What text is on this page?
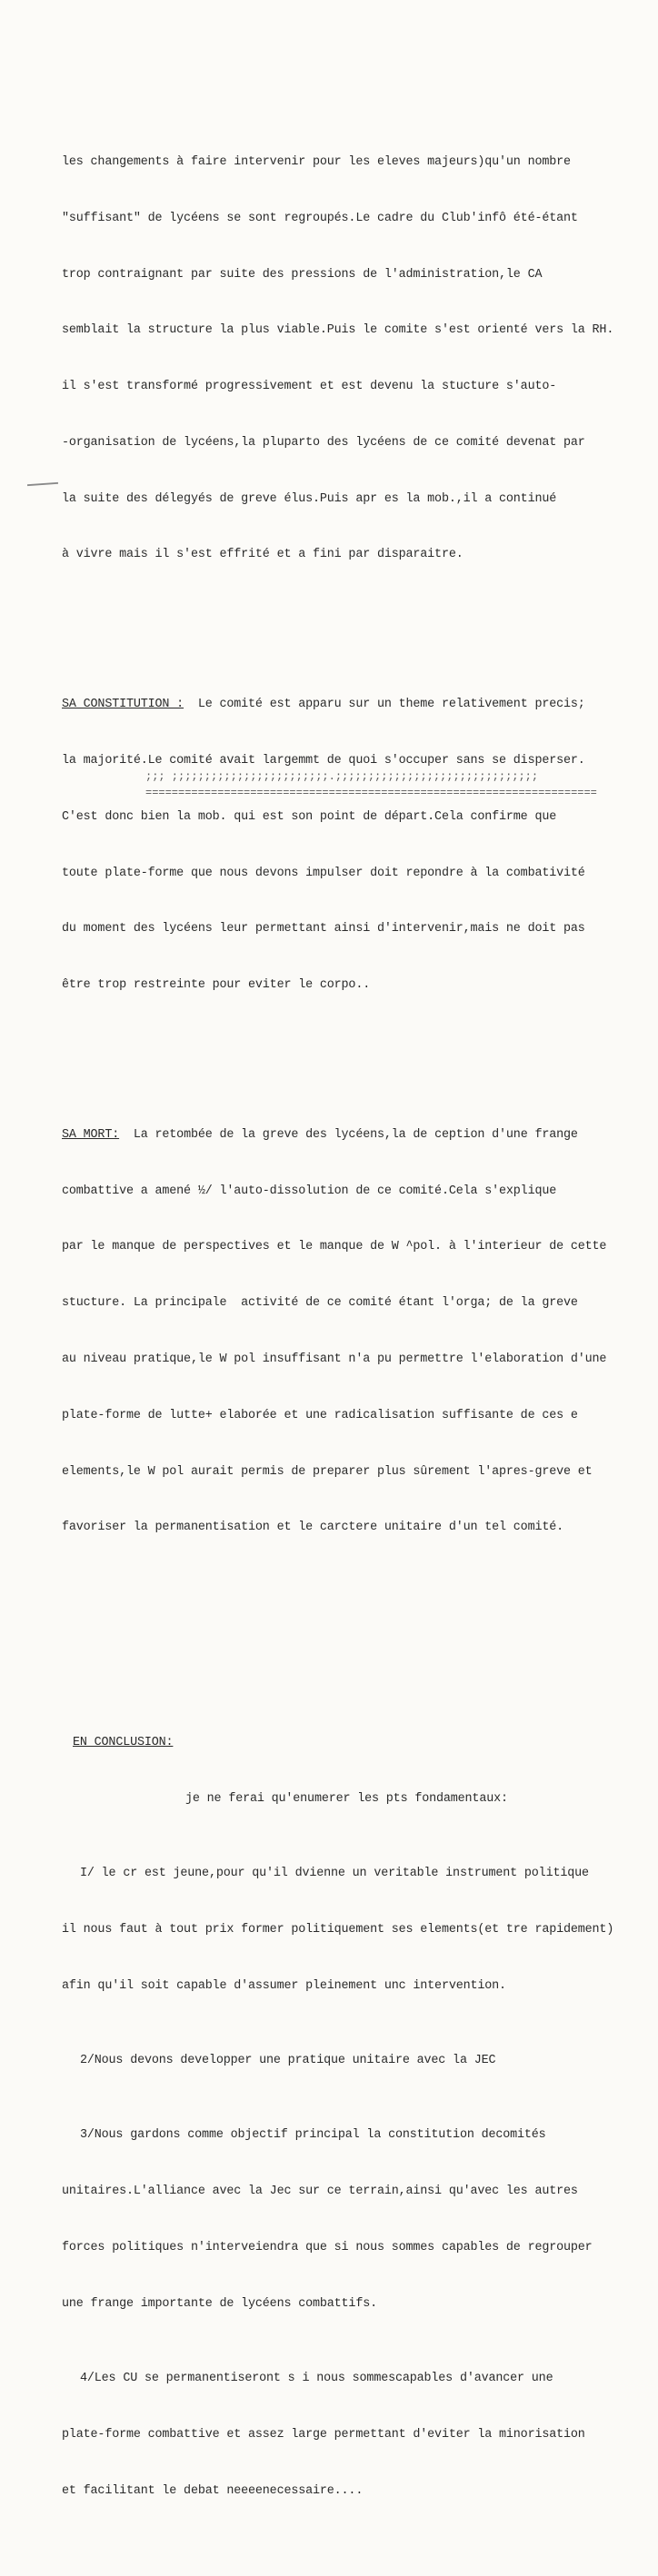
les changements à faire intervenir pour les eleves majeurs)qu'un nombre

"suffisant" de lycéens se sont regroupés.Le cadre du Club'infô été-étant

trop contraignant par suite des pressions de l'administration,le CA

semblait la structure la plus viable.Puis le comite s'est orienté vers la RH.

il s'est transformé progressivement et est devenu la stucture s'auto-

-organisation de lycéens,la pluparto des lycéens de ce comité devenat par

la suite des délegyés de greve élus.Puis apr es la mob.,il a continué

à vivre mais il s'est effrité et a fini par disparaitre.

SA CONSTITUTION :  Le comité est apparu sur un theme relativement precis;

la majorité.Le comité avait largemmt de quoi s'occuper sans se disperser.

C'est donc bien la mob. qui est son point de départ.Cela confirme que

toute plate-forme que nous devons impulser doit repondre à la combativité

du moment des lycéens leur permettant ainsi d'intervenir,mais ne doit pas

être trop restreinte pour eviter le corpo..

SA MORT:  La retombée de la greve des lycéens,la de ception d'une frange

combattive a amené ½/ l'auto-dissolution de ce comité.Cela s'explique

par le manque de perspectives et le manque de W ^pol. à l'interieur de cette

stucture. La principale  activité de ce comité étant l'orga; de la greve

au niveau pratique,le W pol insuffisant n'a pu permettre l'elaboration d'une

plate-forme de lutte+ elaborée et une radicalisation suffisante de ces e

elements,le W pol aurait permis de preparer plus sûrement l'apres-greve et

favoriser la permanentisation et le carctere unitaire d'un tel comité.

EN CONCLUSION:

je ne ferai qu'enumerer les pts fondamentaux:

I/ le cr est jeune,pour qu'il dvienne un veritable instrument politique

il nous faut à tout prix former politiquement ses elements(et tre rapidement)

afin qu'il soit capable d'assumer pleinement unc intervention.

2/Nous devons developper une pratique unitaire avec la JEC

3/Nous gardons comme objectif principal la constitution decomités

unitaires.L'alliance avec la Jec sur ce terrain,ainsi qu'avec les autres

forces politiques n'interveiendra que si nous sommes capables de regrouper

une frange importante de lycéens combattifs.

4/Les CU se permanentiseront s i nous sommescapables d'avancer une

plate-forme combattive et assez large permettant d'eviter la minorisation

et facilitant le debat neeeenecessaire....

;;; ;;;;;;;;;;;;;;;;;;;;;;;;.;;;;;;;;;;;;;;;;;;;;;;;;;;;;;;;
=====================================================================
